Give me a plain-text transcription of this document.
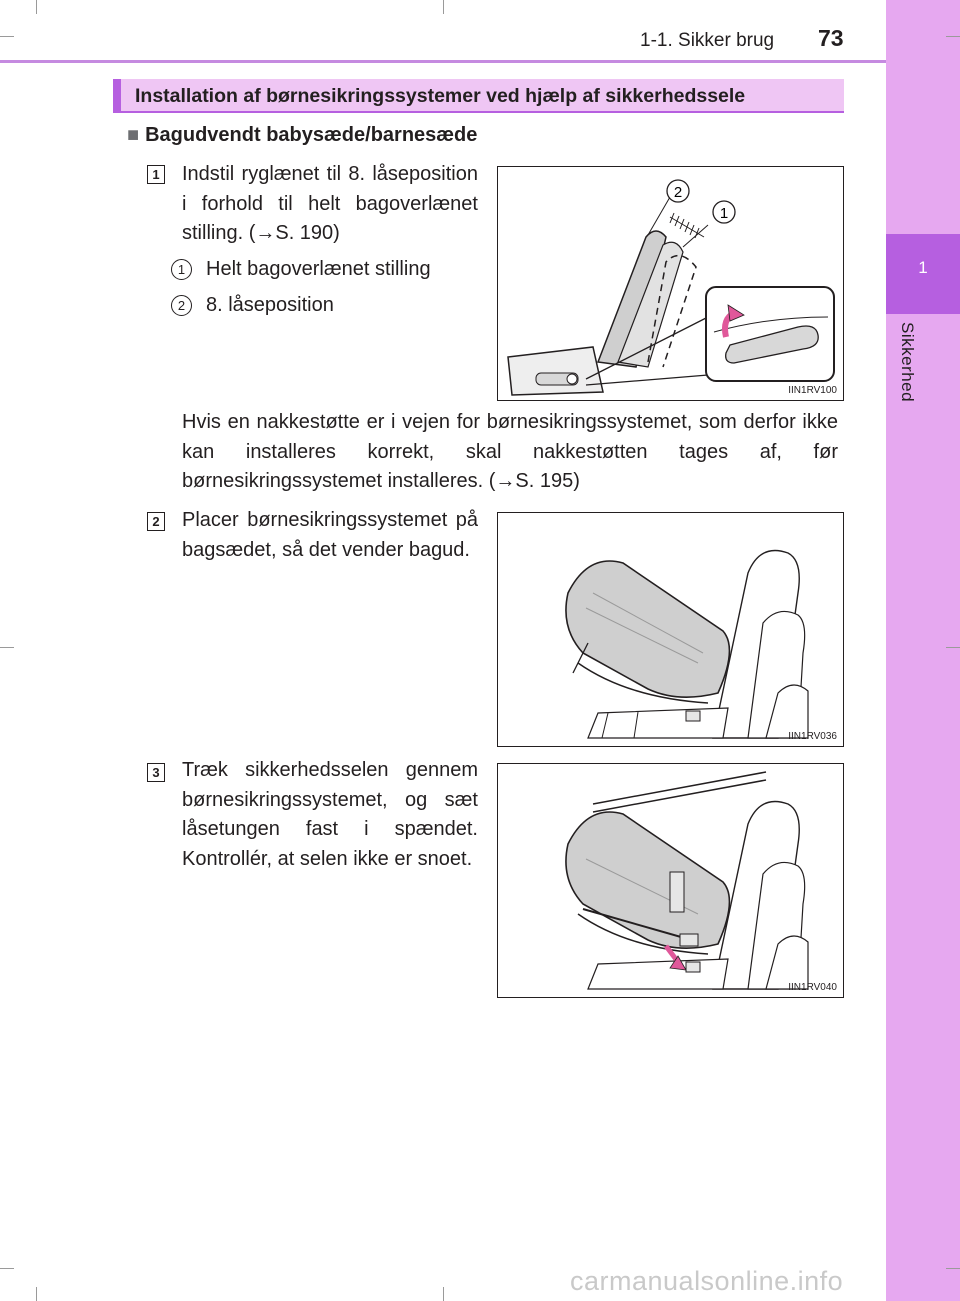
1
Sikkerhed
1-1. Sikker brug 73
Installation af børnesikringssystemer ved hjælp af sikkerhedssele
■ Bagudvendt babysæde/barnesæde
1 Indstil ryglænet til 8. låseposition i forhold til helt bagoverlænet stilling. (→S. 190)
1	Helt bagoverlænet stilling
2	8. låseposition
2
1
IIN1RV100
Hvis en nakkestøtte er i vejen for børnesikringssystemet, som derfor ikke kan installeres korrekt, skal nakkestøtten tages af, før børnesikringssystemet installeres. (→S. 195)
2 Placer børnesikringssystemet på bagsædet, så det vender bagud.
IIN1RV036
3 Træk sikkerhedsselen gennem børnesikringssystemet, og sæt låsetungen fast i spændet. Kontrollér, at selen ikke er snoet.
IIN1RV040
carmanualsonline.info
